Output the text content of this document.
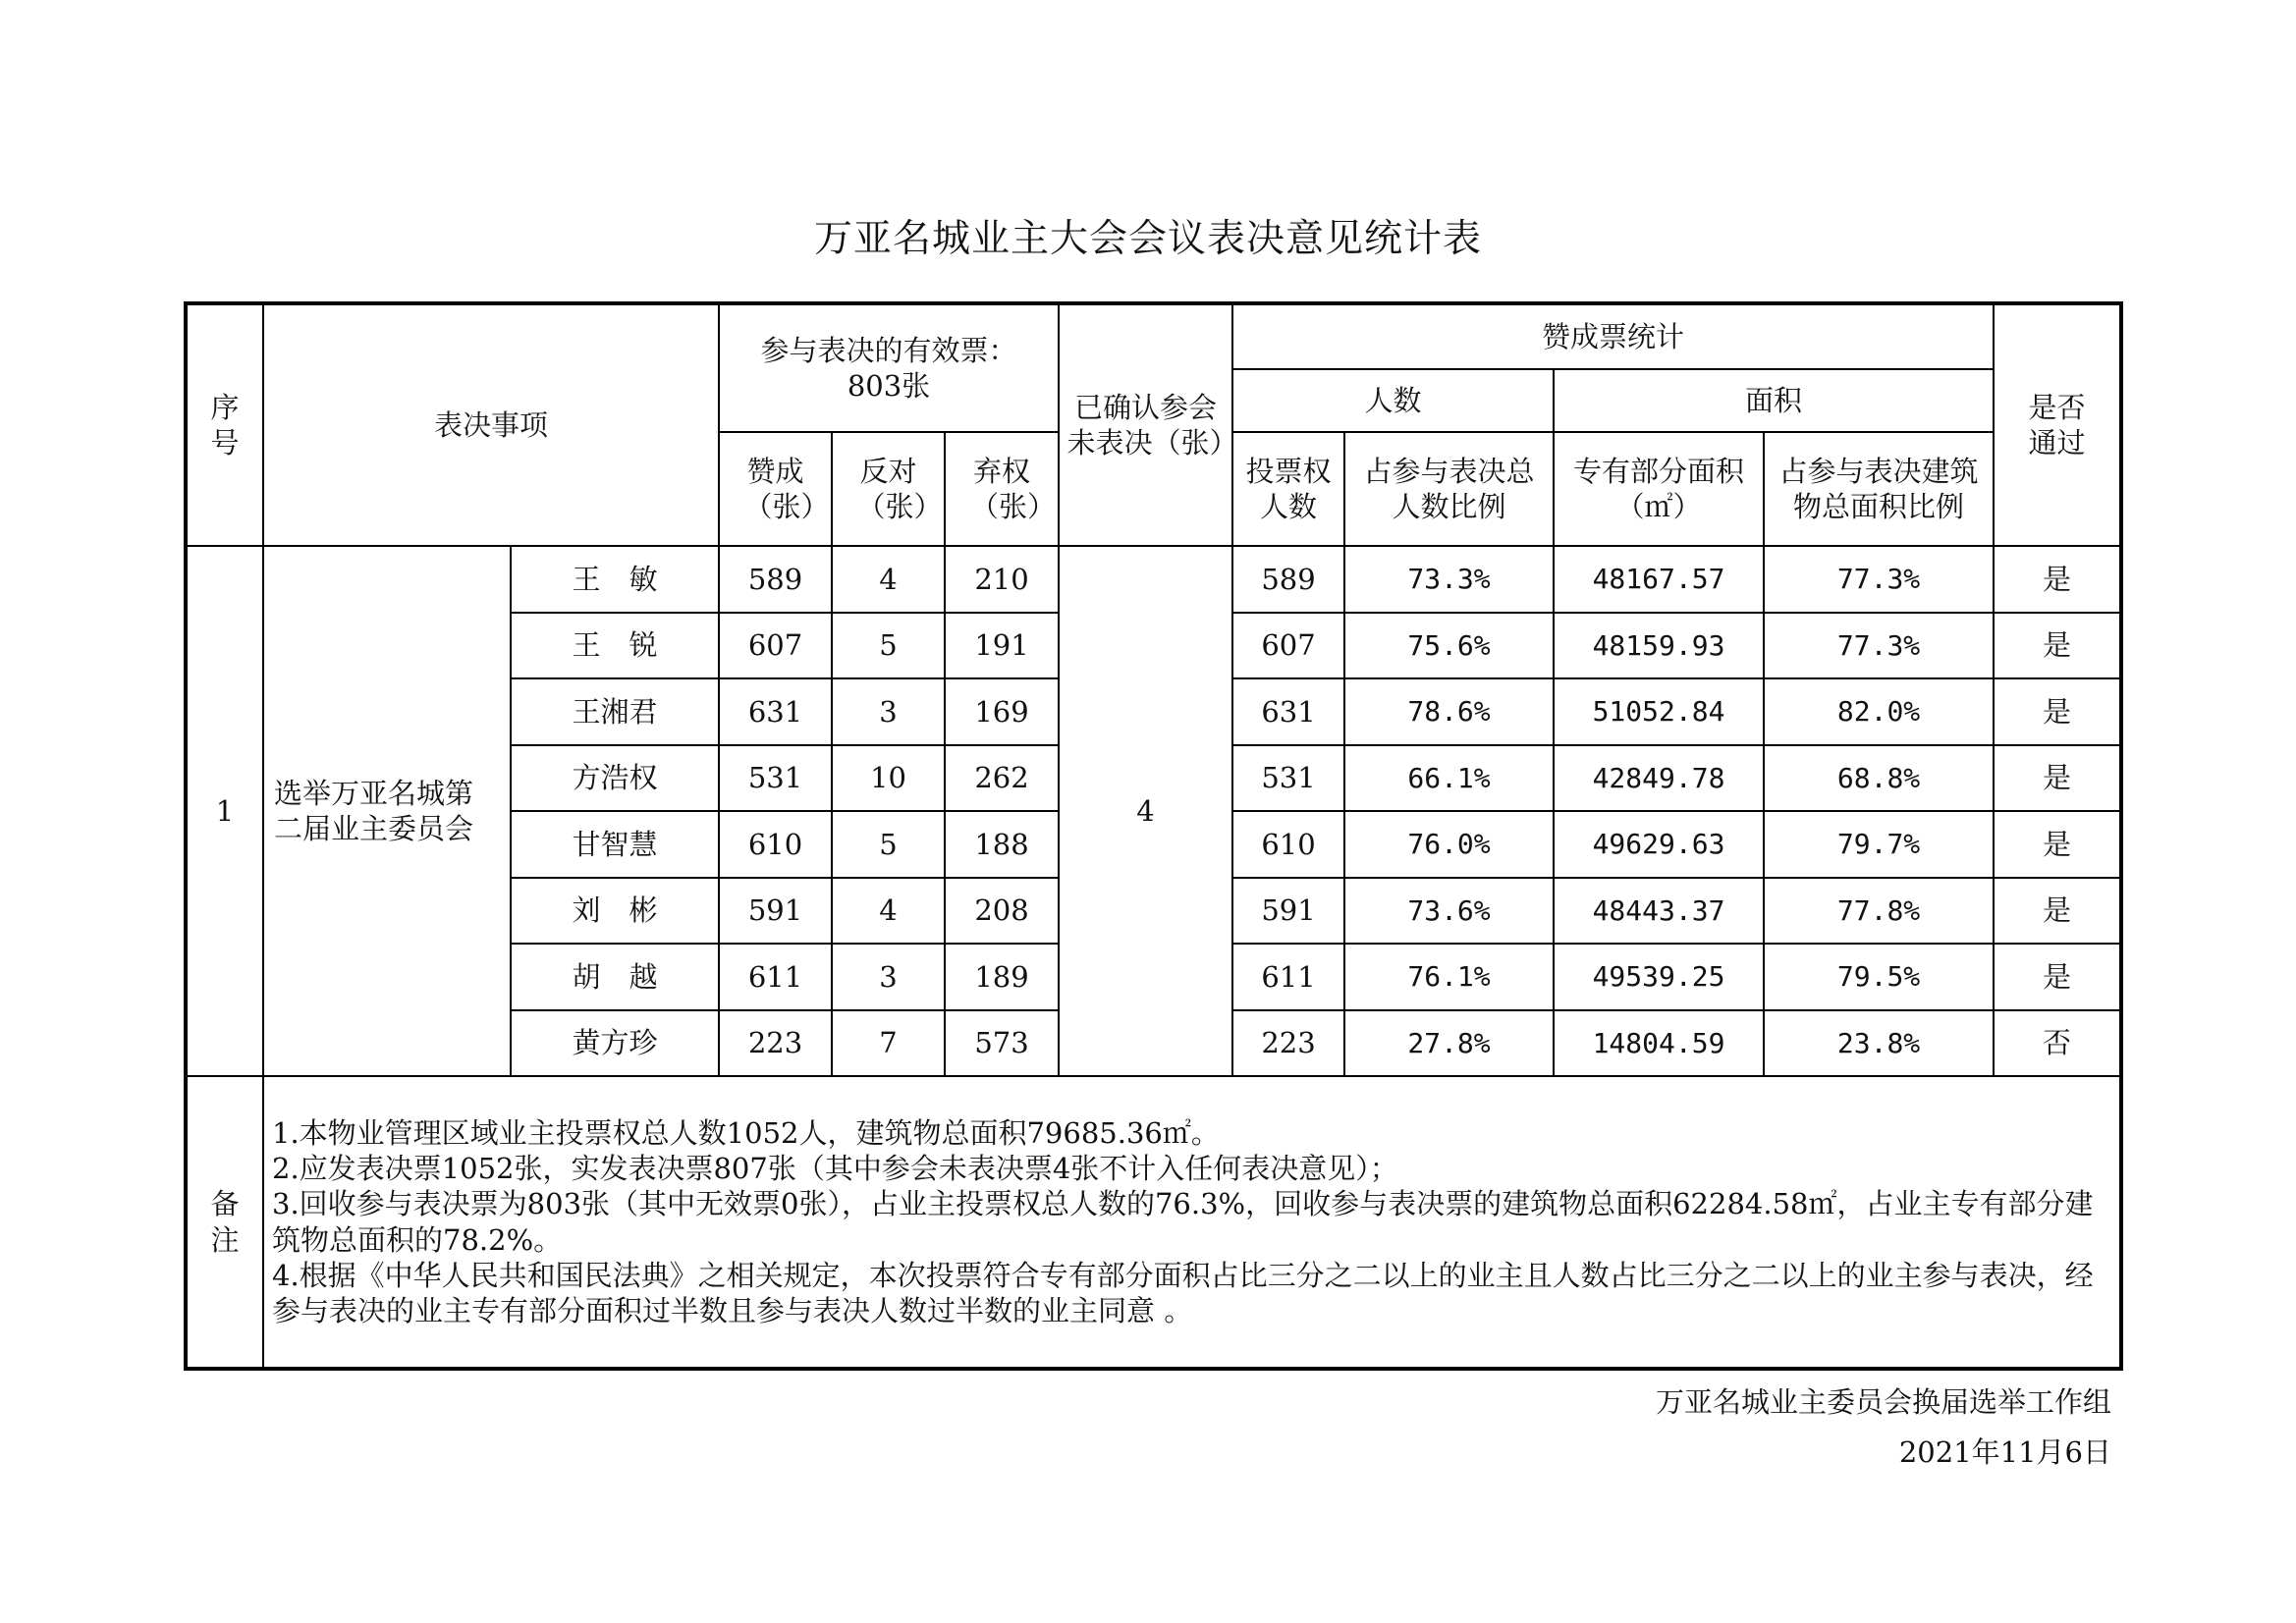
万亚名城业主大会会议表决意见统计表
序号	表决事项		参与表决的有效票：
803张			已确认参会未表决（张）	赞成票统计				是否通过
							人数		面积		
			赞成（张）	反对（张）	弃权（张）		投票权人数	占参与表决总人数比例	专有部分面积（㎡）	占参与表决建筑物总面积比例	
1	选举万亚名城第二届业主委员会	王　敏	589	4	210	4	589	73.3%	48167.57	77.3%	是
		王　锐	607	5	191		607	75.6%	48159.93	77.3%	是
		王湘君	631	3	169		631	78.6%	51052.84	82.0%	是
		方浩权	531	10	262		531	66.1%	42849.78	68.8%	是
		甘智慧	610	5	188		610	76.0%	49629.63	79.7%	是
		刘　彬	591	4	208		591	73.6%	48443.37	77.8%	是
		胡　越	611	3	189		611	76.1%	49539.25	79.5%	是
		黄方珍	223	7	573		223	27.8%	14804.59	23.8%	否
备注	1.本物业管理区域业主投票权总人数1052人，建筑物总面积79685.36㎡。
2.应发表决票1052张，实发表决票807张（其中参会未表决票4张不计入任何表决意见）；
3.回收参与表决票为803张（其中无效票0张），占业主投票权总人数的76.3%，回收参与表决票的建筑物总面积62284.58㎡，占业主专有部分建筑物总面积的78.2%。
4.根据《中华人民共和国民法典》之相关规定，本次投票符合专有部分面积占比三分之二以上的业主且人数占比三分之二以上的业主参与表决，经参与表决的业主专有部分面积过半数且参与表决人数过半数的业主同意 。										
万亚名城业主委员会换届选举工作组
2021年11月6日
